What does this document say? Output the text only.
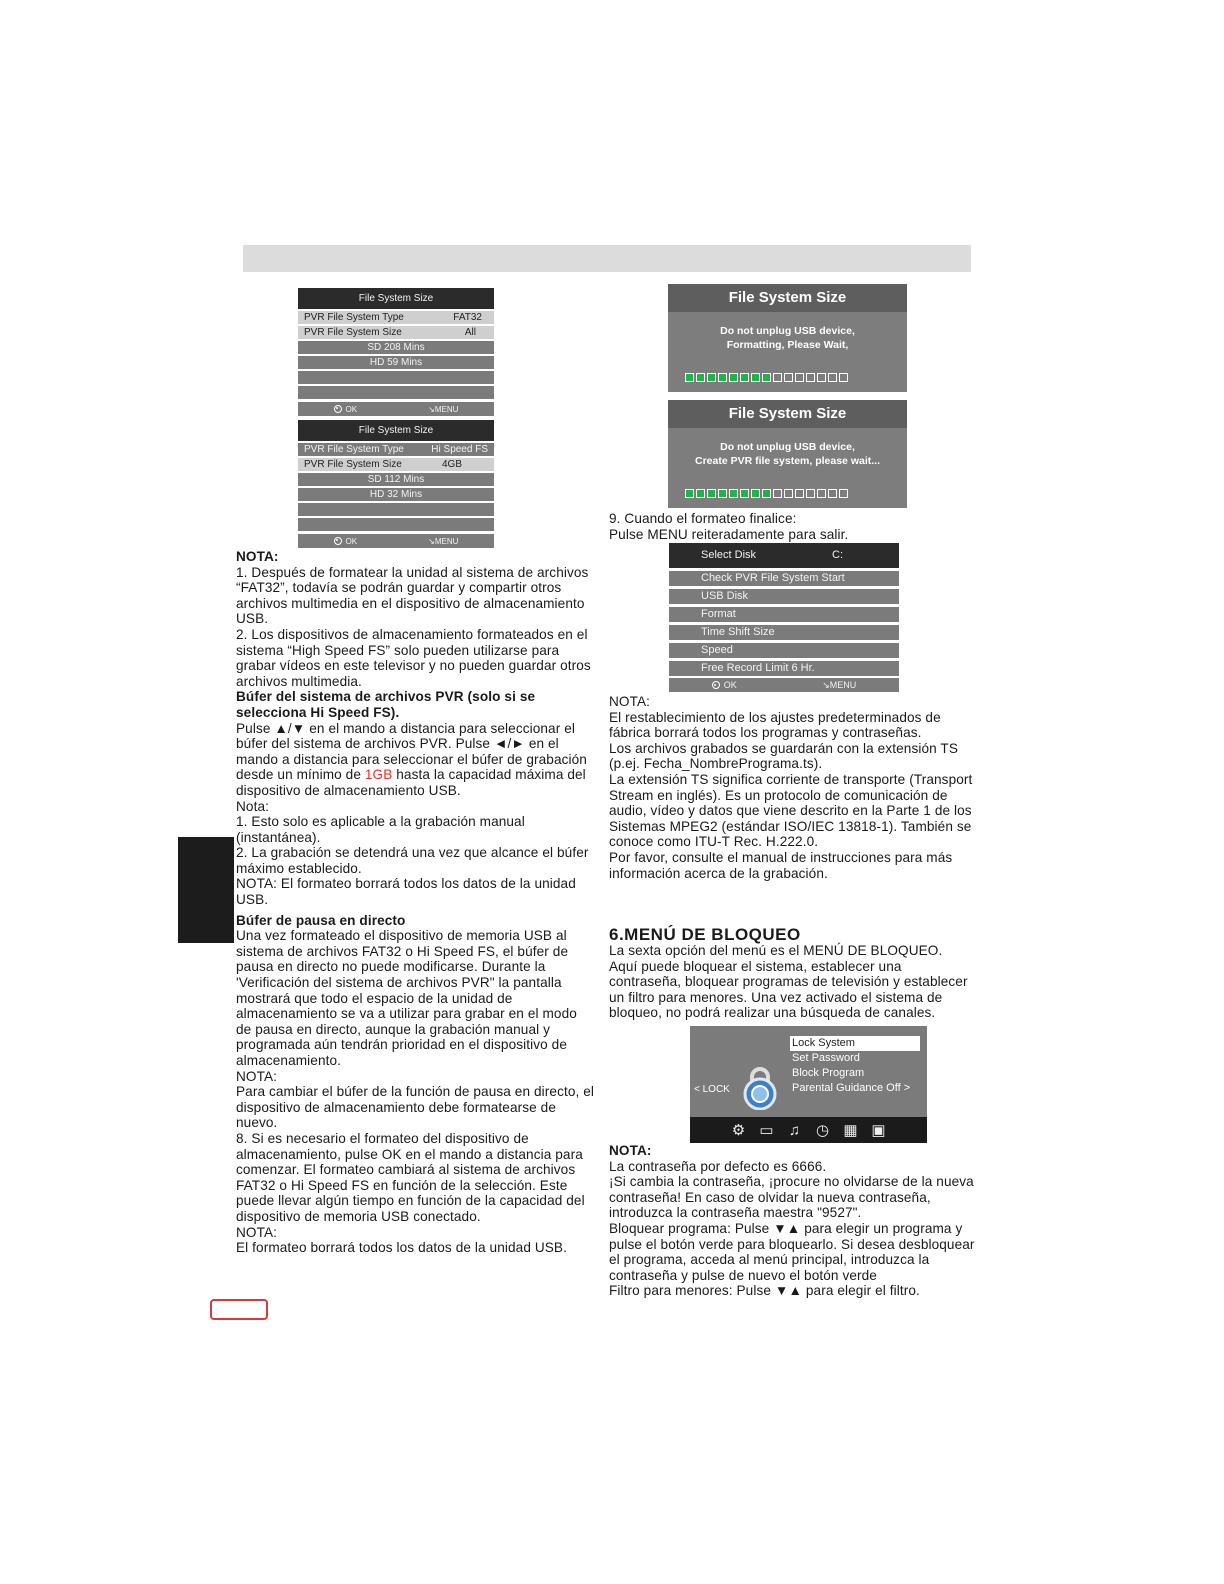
File System Size
PVR File System Type	FAT32
PVR File System Size	All
SD 208 Mins
HD 59 Mins
OK	↘MENU
File System Size
PVR File System Type	Hi Speed FS
PVR File System Size	4GB
SD 112 Mins
HD 32 Mins
OK	↘MENU
File System Size
Do not unplug USB device,
Formatting, Please Wait,
File System Size
Do not unplug USB device,
Create PVR file system, please wait...

9. Cuando el formateo finalice:

Pulse MENU reiteradamente para salir.

Select Disk	C:
Check PVR File System Start
USB Disk
Format
Time Shift Size
Speed
Free Record Limit 6 Hr.
OK	↘MENU

NOTA:

El restablecimiento de los ajustes predeterminados de fábrica borrará todos los programas y contraseñas.

Los archivos grabados se guardarán con la extensión TS (p.ej. Fecha_NombrePrograma.ts).

La extensión TS significa corriente de transporte (Transport Stream en inglés). Es un protocolo de comunicación de audio, vídeo y datos que viene descrito en la Parte 1 de los Sistemas MPEG2 (estándar ISO/IEC 13818-1). También se conoce como ITU-T Rec. H.222.0.

Por favor, consulte el manual de instrucciones para más información acerca de la grabación.

6.MENÚ DE BLOQUEO

La sexta opción del menú es el MENÚ DE BLOQUEO. Aquí puede bloquear el sistema, establecer una contraseña, bloquear programas de televisión y establecer un filtro para menores. Una vez activado el sistema de bloqueo, no podrá realizar una búsqueda de canales.

< LOCK
Lock System
Set Password
Block Program
Parental Guidance Off >
⚙ ▭ ♫ ◷ ▦ ▣

NOTA:

La contraseña por defecto es 6666.

¡Si cambia la contraseña, ¡procure no olvidarse de la nueva contraseña! En caso de olvidar la nueva contraseña, introduzca la contraseña maestra "9527".

Bloquear programa: Pulse ▼▲ para elegir un programa y pulse el botón verde para bloquearlo. Si desea desbloquear el programa, acceda al menú principal, introduzca la contraseña y pulse de nuevo el botón verde

Filtro para menores: Pulse ▼▲ para elegir el filtro.

NOTA:

1. Después de formatear la unidad al sistema de archivos “FAT32”, todavía se podrán guardar y compartir otros archivos multimedia en el dispositivo de almacenamiento USB.

2. Los dispositivos de almacenamiento formateados en el sistema “High Speed FS” solo pueden utilizarse para grabar vídeos en este televisor y no pueden guardar otros archivos multimedia.

Búfer del sistema de archivos PVR (solo si se selecciona Hi Speed FS).

Pulse ▲/▼ en el mando a distancia para seleccionar el búfer del sistema de archivos PVR. Pulse ◄/► en el mando a distancia para seleccionar el búfer de grabación desde un mínimo de 1GB hasta la capacidad máxima del dispositivo de almacenamiento USB.

Nota:

1. Esto solo es aplicable a la grabación manual (instantánea).

2. La grabación se detendrá una vez que alcance el búfer máximo establecido.

NOTA: El formateo borrará todos los datos de la unidad USB.

Búfer de pausa en directo

Una vez formateado el dispositivo de memoria USB al sistema de archivos FAT32 o Hi Speed FS, el búfer de pausa en directo no puede modificarse. Durante la 'Verificación del sistema de archivos PVR" la pantalla mostrará que todo el espacio de la unidad de almacenamiento se va a utilizar para grabar en el modo de pausa en directo, aunque la grabación manual y programada aún tendrán prioridad en el dispositivo de almacenamiento.

NOTA:

Para cambiar el búfer de la función de pausa en directo, el dispositivo de almacenamiento debe formatearse de nuevo.

8. Si es necesario el formateo del dispositivo de almacenamiento, pulse OK en el mando a distancia para comenzar. El formateo cambiará al sistema de archivos FAT32 o Hi Speed FS en función de la selección. Este puede llevar algún tiempo en función de la capacidad del dispositivo de memoria USB conectado.

NOTA:

El formateo borrará todos los datos de la unidad USB.
